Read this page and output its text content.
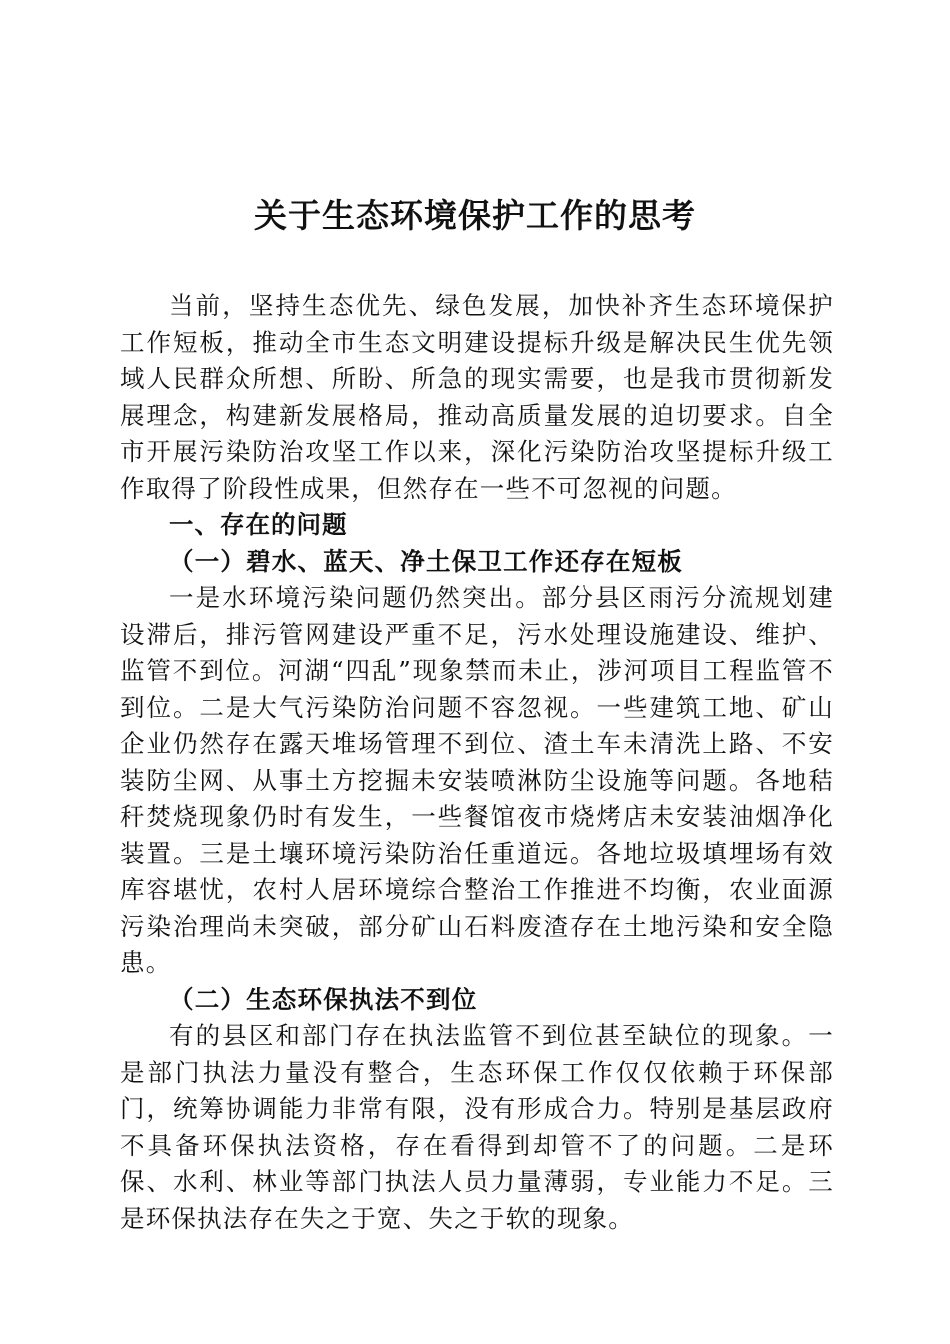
关于生态环境保护工作的思考

当前，坚持生态优先、绿色发展，加快补齐生态环境保护工作短板，推动全市生态文明建设提标升级是解决民生优先领域人民群众所想、所盼、所急的现实需要，也是我市贯彻新发展理念，构建新发展格局，推动高质量发展的迫切要求。自全市开展污染防治攻坚工作以来，深化污染防治攻坚提标升级工作取得了阶段性成果，但然存在一些不可忽视的问题。

一、存在的问题

（一）碧水、蓝天、净土保卫工作还存在短板

一是水环境污染问题仍然突出。部分县区雨污分流规划建设滞后，排污管网建设严重不足，污水处理设施建设、维护、监管不到位。河湖“四乱”现象禁而未止，涉河项目工程监管不到位。二是大气污染防治问题不容忽视。一些建筑工地、矿山企业仍然存在露天堆场管理不到位、渣土车未清洗上路、不安装防尘网、从事土方挖掘未安装喷淋防尘设施等问题。各地秸秆焚烧现象仍时有发生，一些餐馆夜市烧烤店未安装油烟净化装置。三是土壤环境污染防治任重道远。各地垃圾填埋场有效库容堪忧，农村人居环境综合整治工作推进不均衡，农业面源污染治理尚未突破，部分矿山石料废渣存在土地污染和安全隐患。

（二）生态环保执法不到位

有的县区和部门存在执法监管不到位甚至缺位的现象。一是部门执法力量没有整合，生态环保工作仅仅依赖于环保部门，统筹协调能力非常有限，没有形成合力。特别是基层政府不具备环保执法资格，存在看得到却管不了的问题。二是环保、水利、林业等部门执法人员力量薄弱，专业能力不足。三是环保执法存在失之于宽、失之于软的现象。
